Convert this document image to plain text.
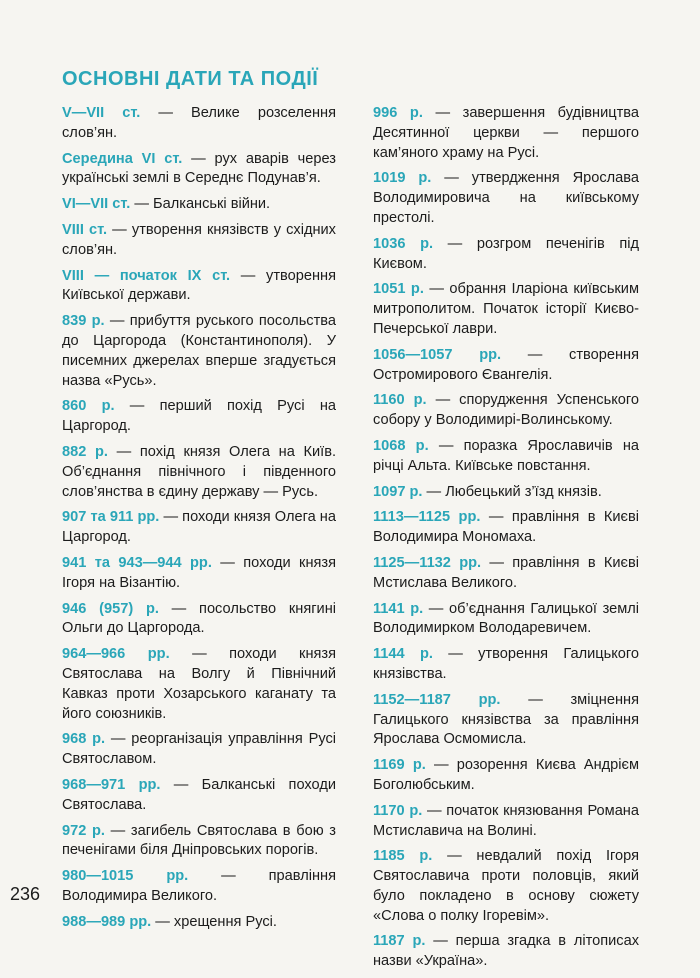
ОСНОВНІ ДАТИ ТА ПОДІЇ

V—VII ст. — Велике розселення слов’ян.

Середина VI ст. — рух аварів через українські землі в Середнє Подунав’я.

VI—VII ст. — Балканські війни.

VIII ст. — утворення князівств у східних слов’ян.

VIII — початок IX ст. — утворення Київської держави.

839 р. — прибуття руського посольства до Царгорода (Константинополя). У писемних джерелах вперше згадується назва «Русь».

860 р. — перший похід Русі на Царгород.

882 р. — похід князя Олега на Київ. Об’єднання північного і південного слов’янства в єдину державу — Русь.

907 та 911 рр. — походи князя Олега на Царгород.

941 та 943—944 рр. — походи князя Ігоря на Візантію.

946 (957) р. — посольство княгині Ольги до Царгорода.

964—966 рр. — походи князя Святослава на Волгу й Північний Кавказ проти Хозарського каганату та його союзників.

968 р. — реорганізація управління Русі Святославом.

968—971 рр. — Балканські походи Святослава.

972 р. — загибель Святослава в бою з печенігами біля Дніпровських порогів.

980—1015 рр. — правління Володимира Великого.

988—989 рр. — хрещення Русі.

996 р. — завершення будівництва Десятинної церкви — першого кам’яного храму на Русі.

1019 р. — утвердження Ярослава Володимировича на київському престолі.

1036 р. — розгром печенігів під Києвом.

1051 р. — обрання Іларіона київським митрополитом. Початок історії Києво-Печерської лаври.

1056—1057 рр. — створення Остромирового Євангелія.

1160 р. — спорудження Успенського собору у Володимирі-Волинському.

1068 р. — поразка Ярославичів на річці Альта. Київське повстання.

1097 р. — Любецький з’їзд князів.

1113—1125 рр. — правління в Києві Володимира Мономаха.

1125—1132 рр. — правління в Києві Мстислава Великого.

1141 р. — об’єднання Галицької землі Володимирком Володаревичем.

1144 р. — утворення Галицького князівства.

1152—1187 рр. — зміцнення Галицького князівства за правління Ярослава Осмомисла.

1169 р. — розорення Києва Андрієм Боголюбським.

1170 р. — початок князювання Романа Мстиславича на Волині.

1185 р. — невдалий похід Ігоря Святославича проти половців, який було покладено в основу сюжету «Слова о полку Ігоревім».

1187 р. — перша згадка в літописах назви «Україна».

236
